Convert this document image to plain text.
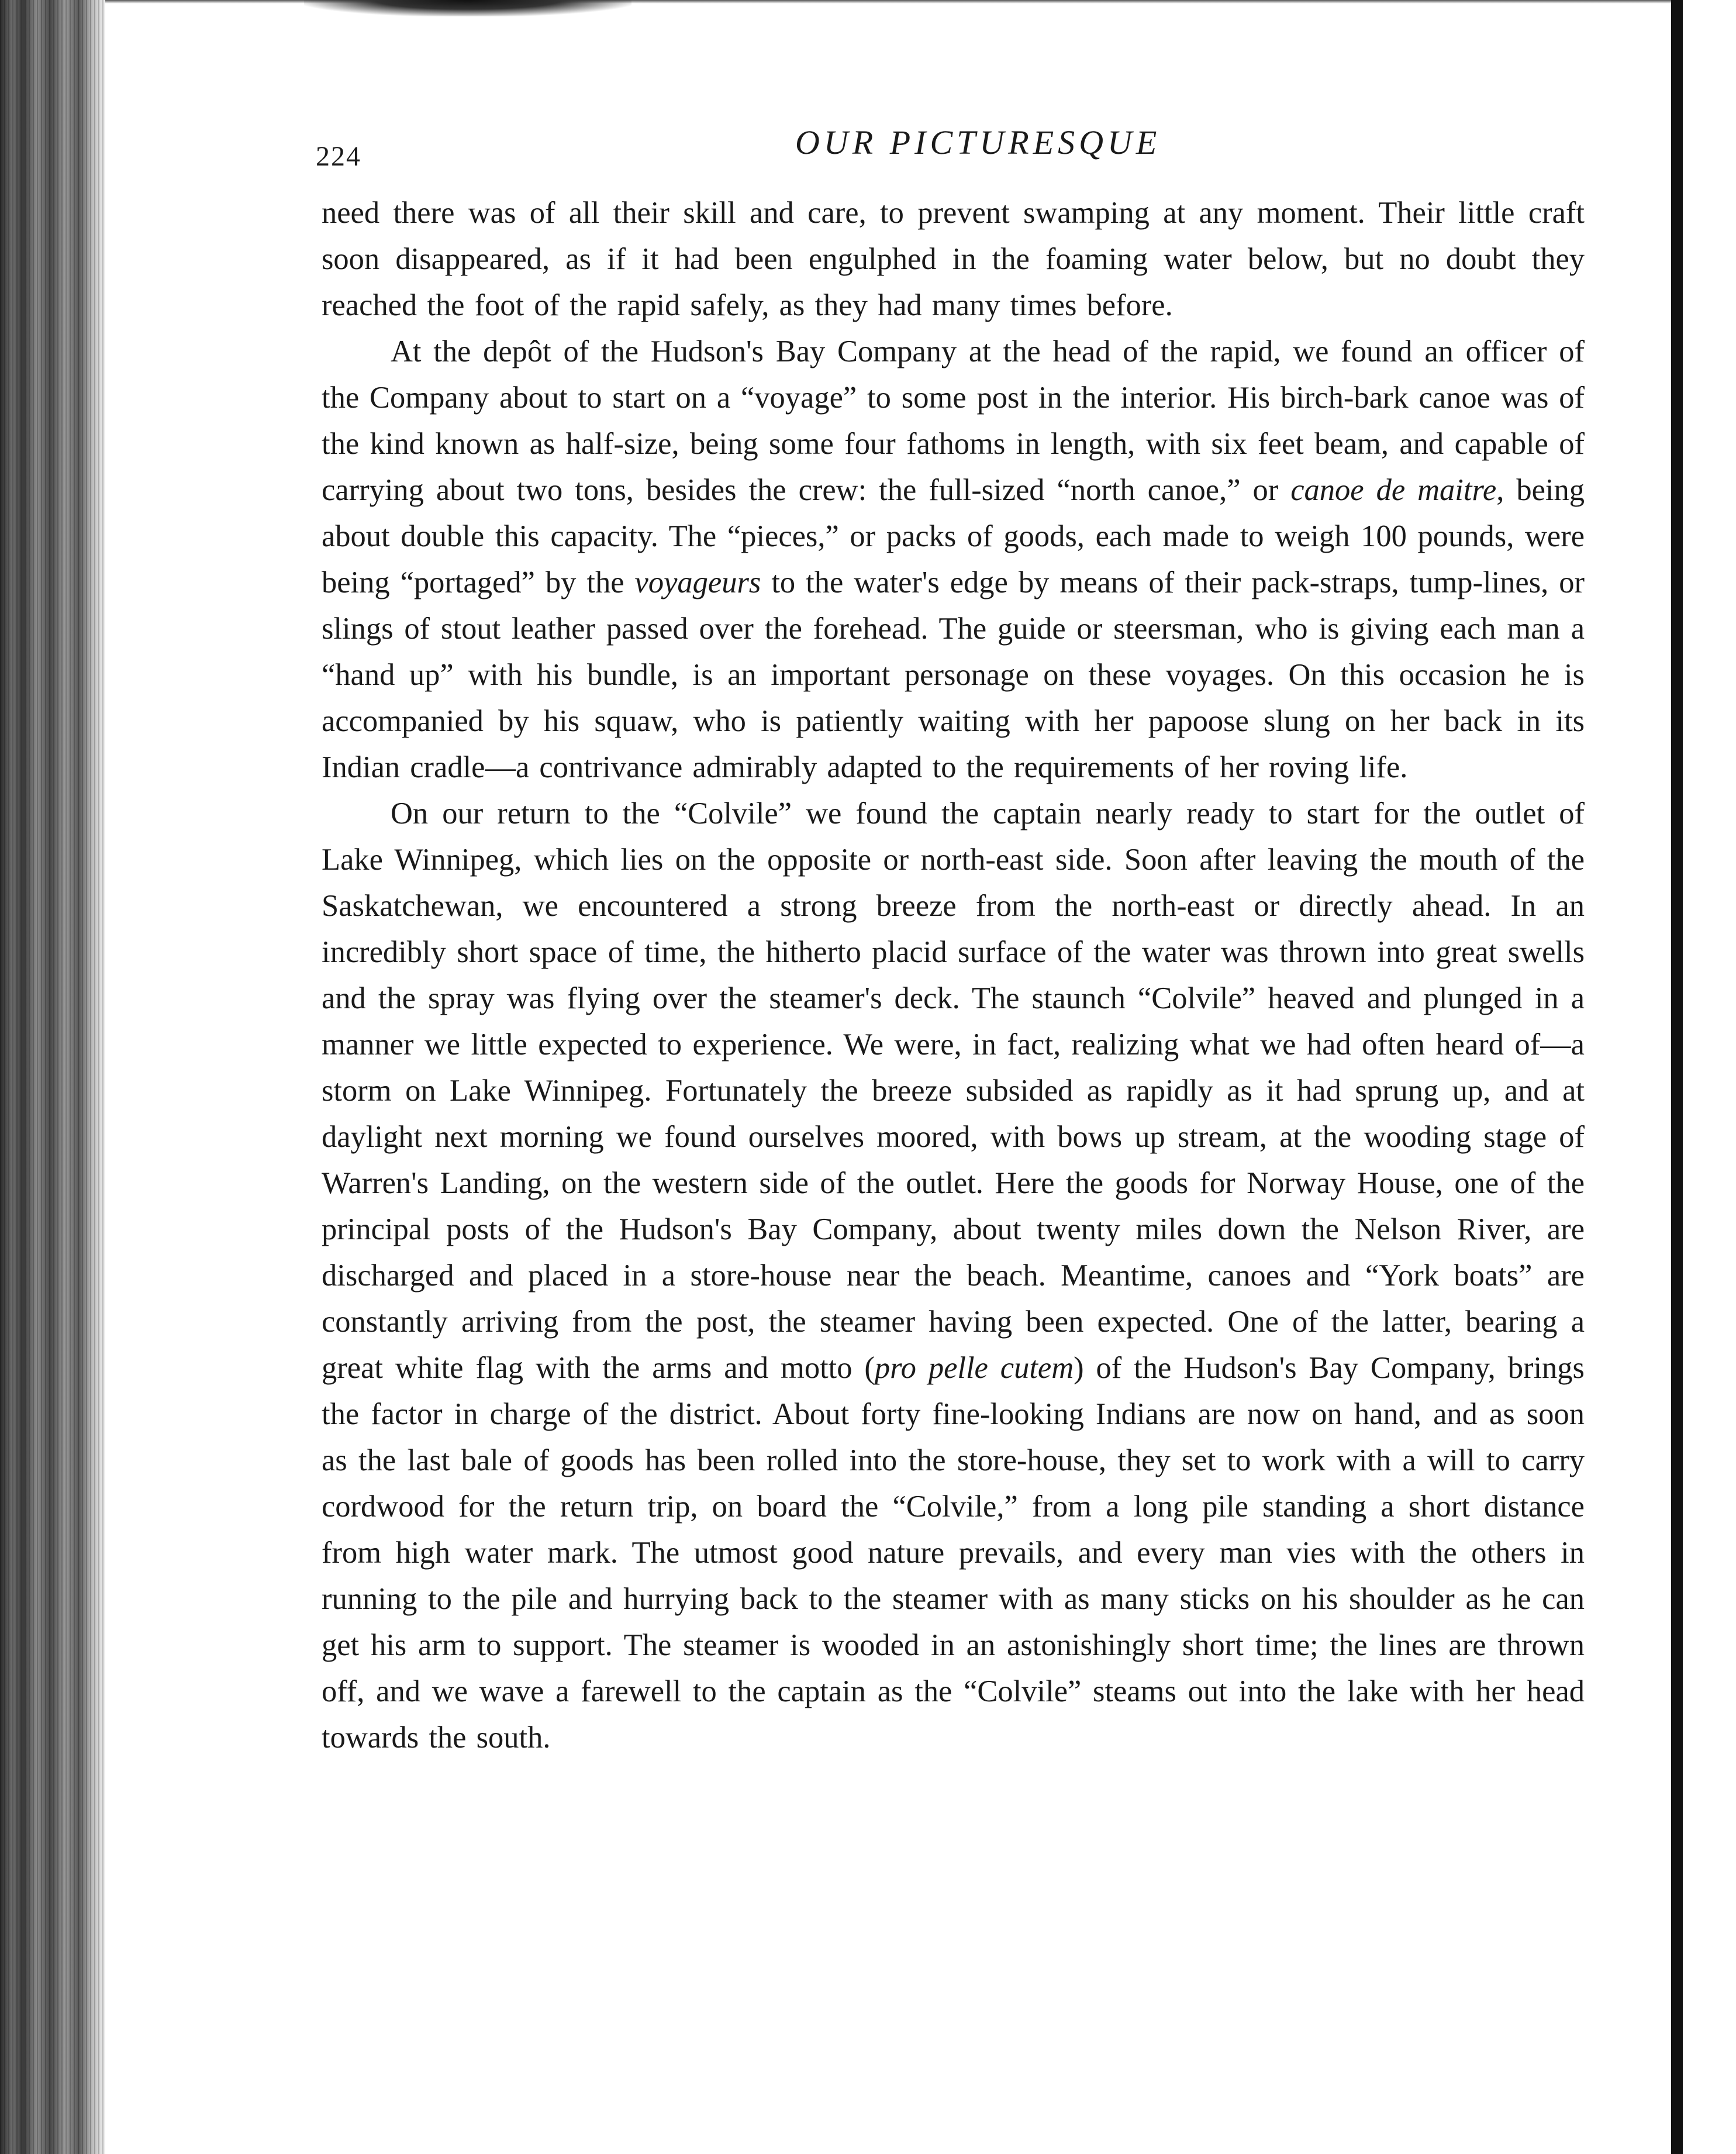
224	OUR PICTURESQUE

need there was of all their skill and care, to prevent swamping at any moment. Their little craft soon disappeared, as if it had been engulphed in the foaming water below, but no doubt they reached the foot of the rapid safely, as they had many times before.

At the depôt of the Hudson's Bay Company at the head of the rapid, we found an officer of the Company about to start on a “voyage” to some post in the interior. His birch-bark canoe was of the kind known as half-size, being some four fathoms in length, with six feet beam, and capable of carrying about two tons, besides the crew: the full-sized “north canoe,” or canoe de maitre, being about double this capacity. The “pieces,” or packs of goods, each made to weigh 100 pounds, were being “portaged” by the voyageurs to the water's edge by means of their pack-straps, tump-lines, or slings of stout leather passed over the forehead. The guide or steersman, who is giving each man a “hand up” with his bundle, is an important personage on these voyages. On this occasion he is accompanied by his squaw, who is patiently waiting with her papoose slung on her back in its Indian cradle—a contrivance admirably adapted to the requirements of her roving life.

On our return to the “Colvile” we found the captain nearly ready to start for the outlet of Lake Winnipeg, which lies on the opposite or north-east side. Soon after leaving the mouth of the Saskatchewan, we encountered a strong breeze from the north-east or directly ahead. In an incredibly short space of time, the hitherto placid surface of the water was thrown into great swells and the spray was flying over the steamer's deck. The staunch “Colvile” heaved and plunged in a manner we little expected to experience. We were, in fact, realizing what we had often heard of—a storm on Lake Winnipeg. Fortunately the breeze subsided as rapidly as it had sprung up, and at daylight next morning we found ourselves moored, with bows up stream, at the wooding stage of Warren's Landing, on the western side of the outlet. Here the goods for Norway House, one of the principal posts of the Hudson's Bay Company, about twenty miles down the Nelson River, are discharged and placed in a store-house near the beach. Meantime, canoes and “York boats” are constantly arriving from the post, the steamer having been expected. One of the latter, bearing a great white flag with the arms and motto (pro pelle cutem) of the Hudson's Bay Company, brings the factor in charge of the district. About forty fine-looking Indians are now on hand, and as soon as the last bale of goods has been rolled into the store-house, they set to work with a will to carry cordwood for the return trip, on board the “Colvile,” from a long pile standing a short distance from high water mark. The utmost good nature prevails, and every man vies with the others in running to the pile and hurrying back to the steamer with as many sticks on his shoulder as he can get his arm to support. The steamer is wooded in an astonishingly short time; the lines are thrown off, and we wave a farewell to the captain as the “Colvile” steams out into the lake with her head towards the south.
